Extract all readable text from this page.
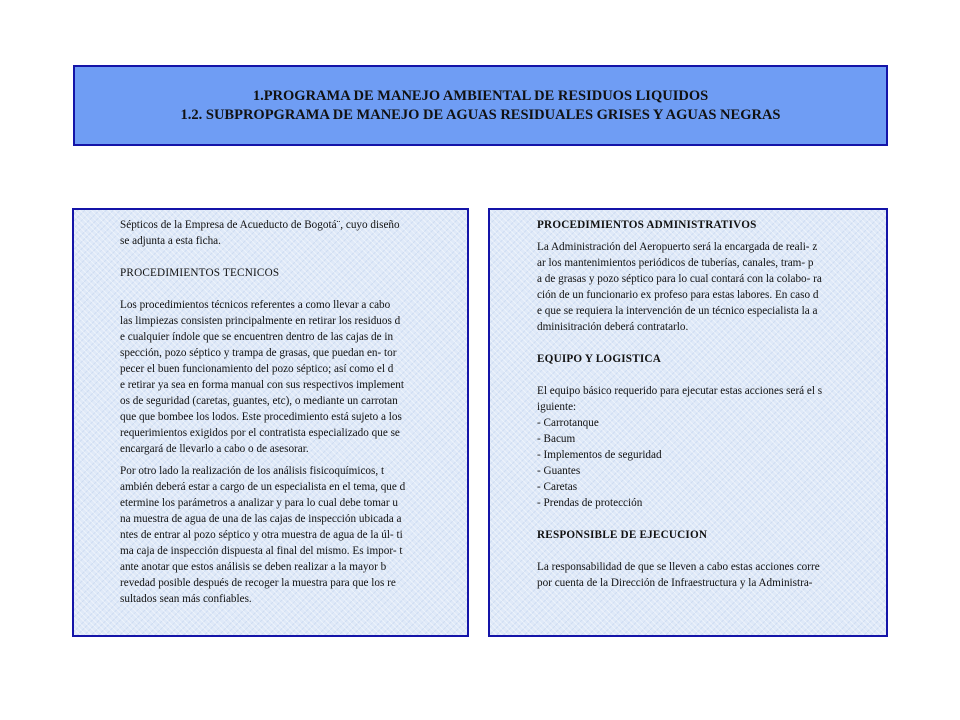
1.PROGRAMA DE MANEJO AMBIENTAL DE RESIDUOS LIQUIDOS
1.2. SUBPROPGRAMA DE MANEJO DE AGUAS RESIDUALES GRISES Y AGUAS NEGRAS

Sépticos de la Empresa de Acueducto de Bogotá¨, cuyo diseño

se adjunta a esta ficha.

PROCEDIMIENTOS TECNICOS

Los procedimientos técnicos referentes a como llevar a cabo

las limpiezas consisten principalmente en retirar los residuos d

e cualquier índole que se encuentren dentro de las cajas de in

spección, pozo séptico y trampa de grasas, que puedan en- tor

pecer el buen funcionamiento del pozo séptico; así como el d

e retirar ya sea en forma manual con sus respectivos implement

os de seguridad (caretas, guantes, etc), o mediante un carrotan

que que bombee los lodos. Este procedimiento está sujeto a los

requerimientos exigidos por el contratista especializado que se

encargará de llevarlo a cabo o de asesorar.

Por otro lado la realización de los análisis fisicoquímicos, t

ambién deberá estar a cargo de un especialista en el tema, que d

etermine los parámetros a analizar y para lo cual debe tomar u

na muestra de agua de una de las cajas de inspección ubicada a

ntes de entrar al pozo séptico y otra muestra de agua de la úl- ti

ma caja de inspección dispuesta al final del mismo. Es impor- t

ante anotar que estos análisis se deben realizar a la mayor b

revedad posible después de recoger la muestra para que los re

sultados sean más confiables.

PROCEDIMIENTOS ADMINISTRATIVOS

La Administración del Aeropuerto será la encargada de reali- z

ar los mantenimientos periódicos de tuberías, canales, tram- p

a de grasas y pozo séptico para lo cual contará con la colabo- ra

ción de un funcionario ex profeso para estas labores. En caso d

e que se requiera la intervención de un técnico especialista la a

dminisitración deberá contratarlo.

EQUIPO Y LOGISTICA

El equipo básico requerido para ejecutar estas acciones será el s

iguiente:

- Carrotanque

- Bacum

- Implementos de seguridad

- Guantes

- Caretas

- Prendas de protección

RESPONSIBLE DE EJECUCION

La responsabilidad de que se lleven a cabo estas acciones corre

por cuenta de la Dirección de Infraestructura y la Administra-
